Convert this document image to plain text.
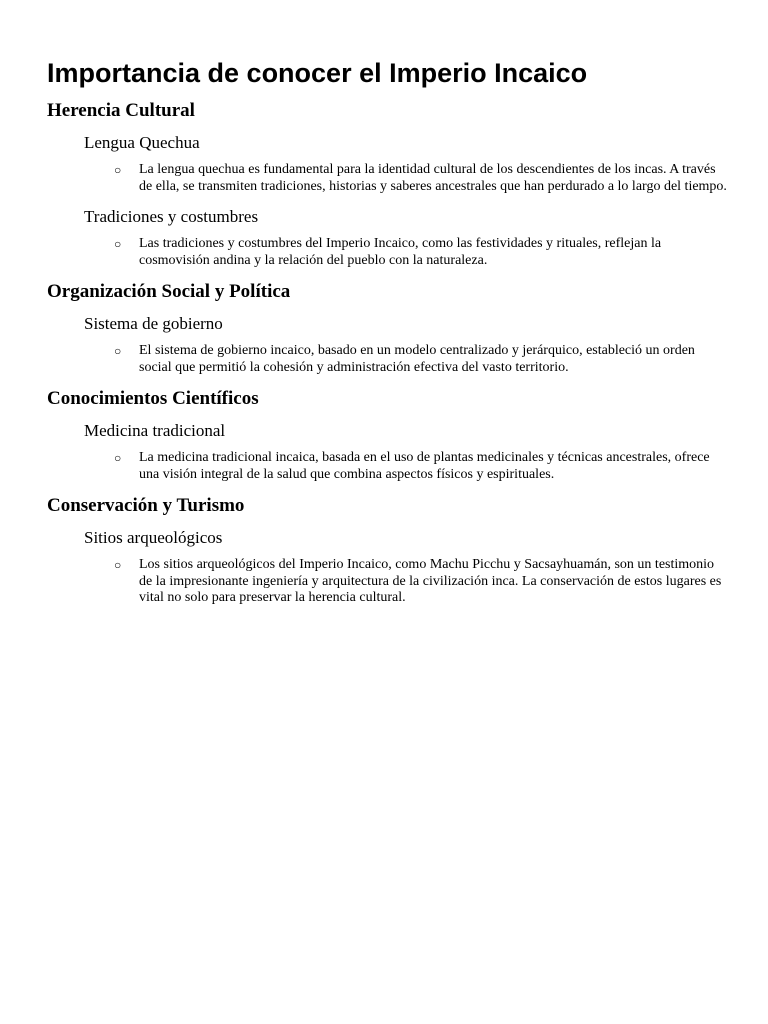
Importancia de conocer el Imperio Incaico
Herencia Cultural
Lengua Quechua
○ La lengua quechua es fundamental para la identidad cultural de los descendientes de los incas. A través de ella, se transmiten tradiciones, historias y saberes ancestrales que han perdurado a lo largo del tiempo.
Tradiciones y costumbres
○ Las tradiciones y costumbres del Imperio Incaico, como las festividades y rituales, reflejan la cosmovisión andina y la relación del pueblo con la naturaleza.
Organización Social y Política
Sistema de gobierno
○ El sistema de gobierno incaico, basado en un modelo centralizado y jerárquico, estableció un orden social que permitió la cohesión y administración efectiva del vasto territorio.
Conocimientos Científicos
Medicina tradicional
○ La medicina tradicional incaica, basada en el uso de plantas medicinales y técnicas ancestrales, ofrece una visión integral de la salud que combina aspectos físicos y espirituales.
Conservación y Turismo
Sitios arqueológicos
○ Los sitios arqueológicos del Imperio Incaico, como Machu Picchu y Sacsayhuamán, son un testimonio de la impresionante ingeniería y arquitectura de la civilización inca. La conservación de estos lugares es vital no solo para preservar la herencia cultural.
